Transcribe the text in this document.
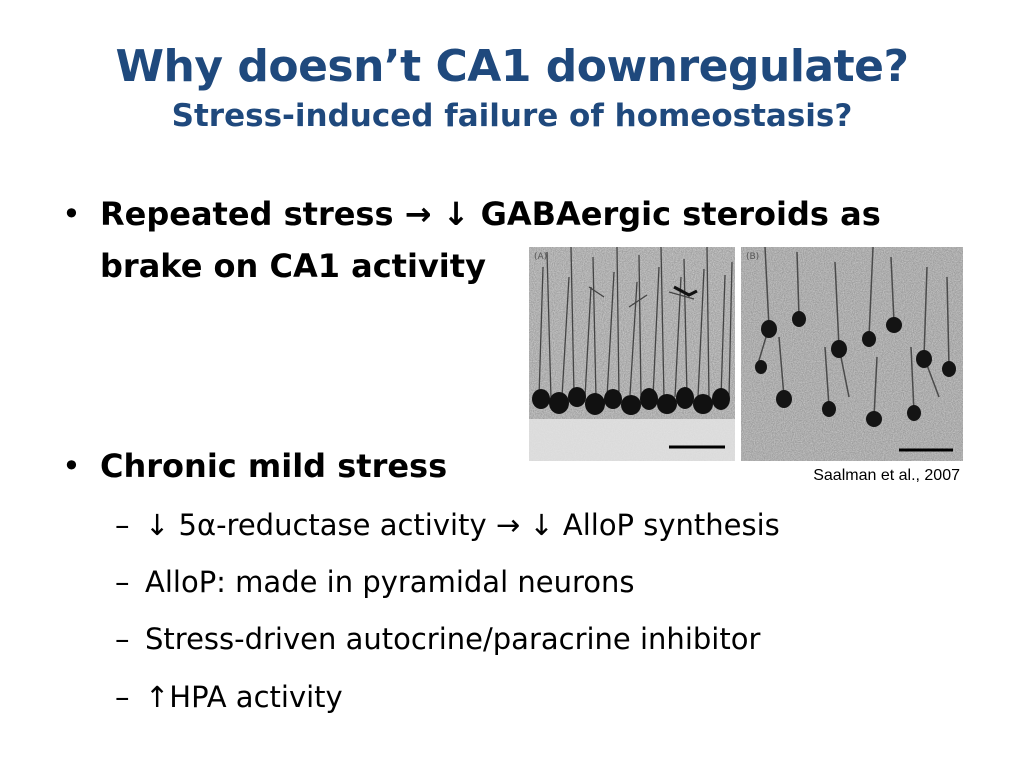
Why doesn’t CA1 downregulate?
Stress-induced failure of homeostasis?
• Repeated stress → ↓ GABAergic steroids as brake on CA1 activity
• Chronic mild stress
– ↓ 5α-reductase activity → ↓ AlloP synthesis
– AlloP: made in pyramidal neurons
– Stress-driven autocrine/paracrine inhibitor
– ↑HPA activity
(A)	(B)
Saalman et al., 2007
